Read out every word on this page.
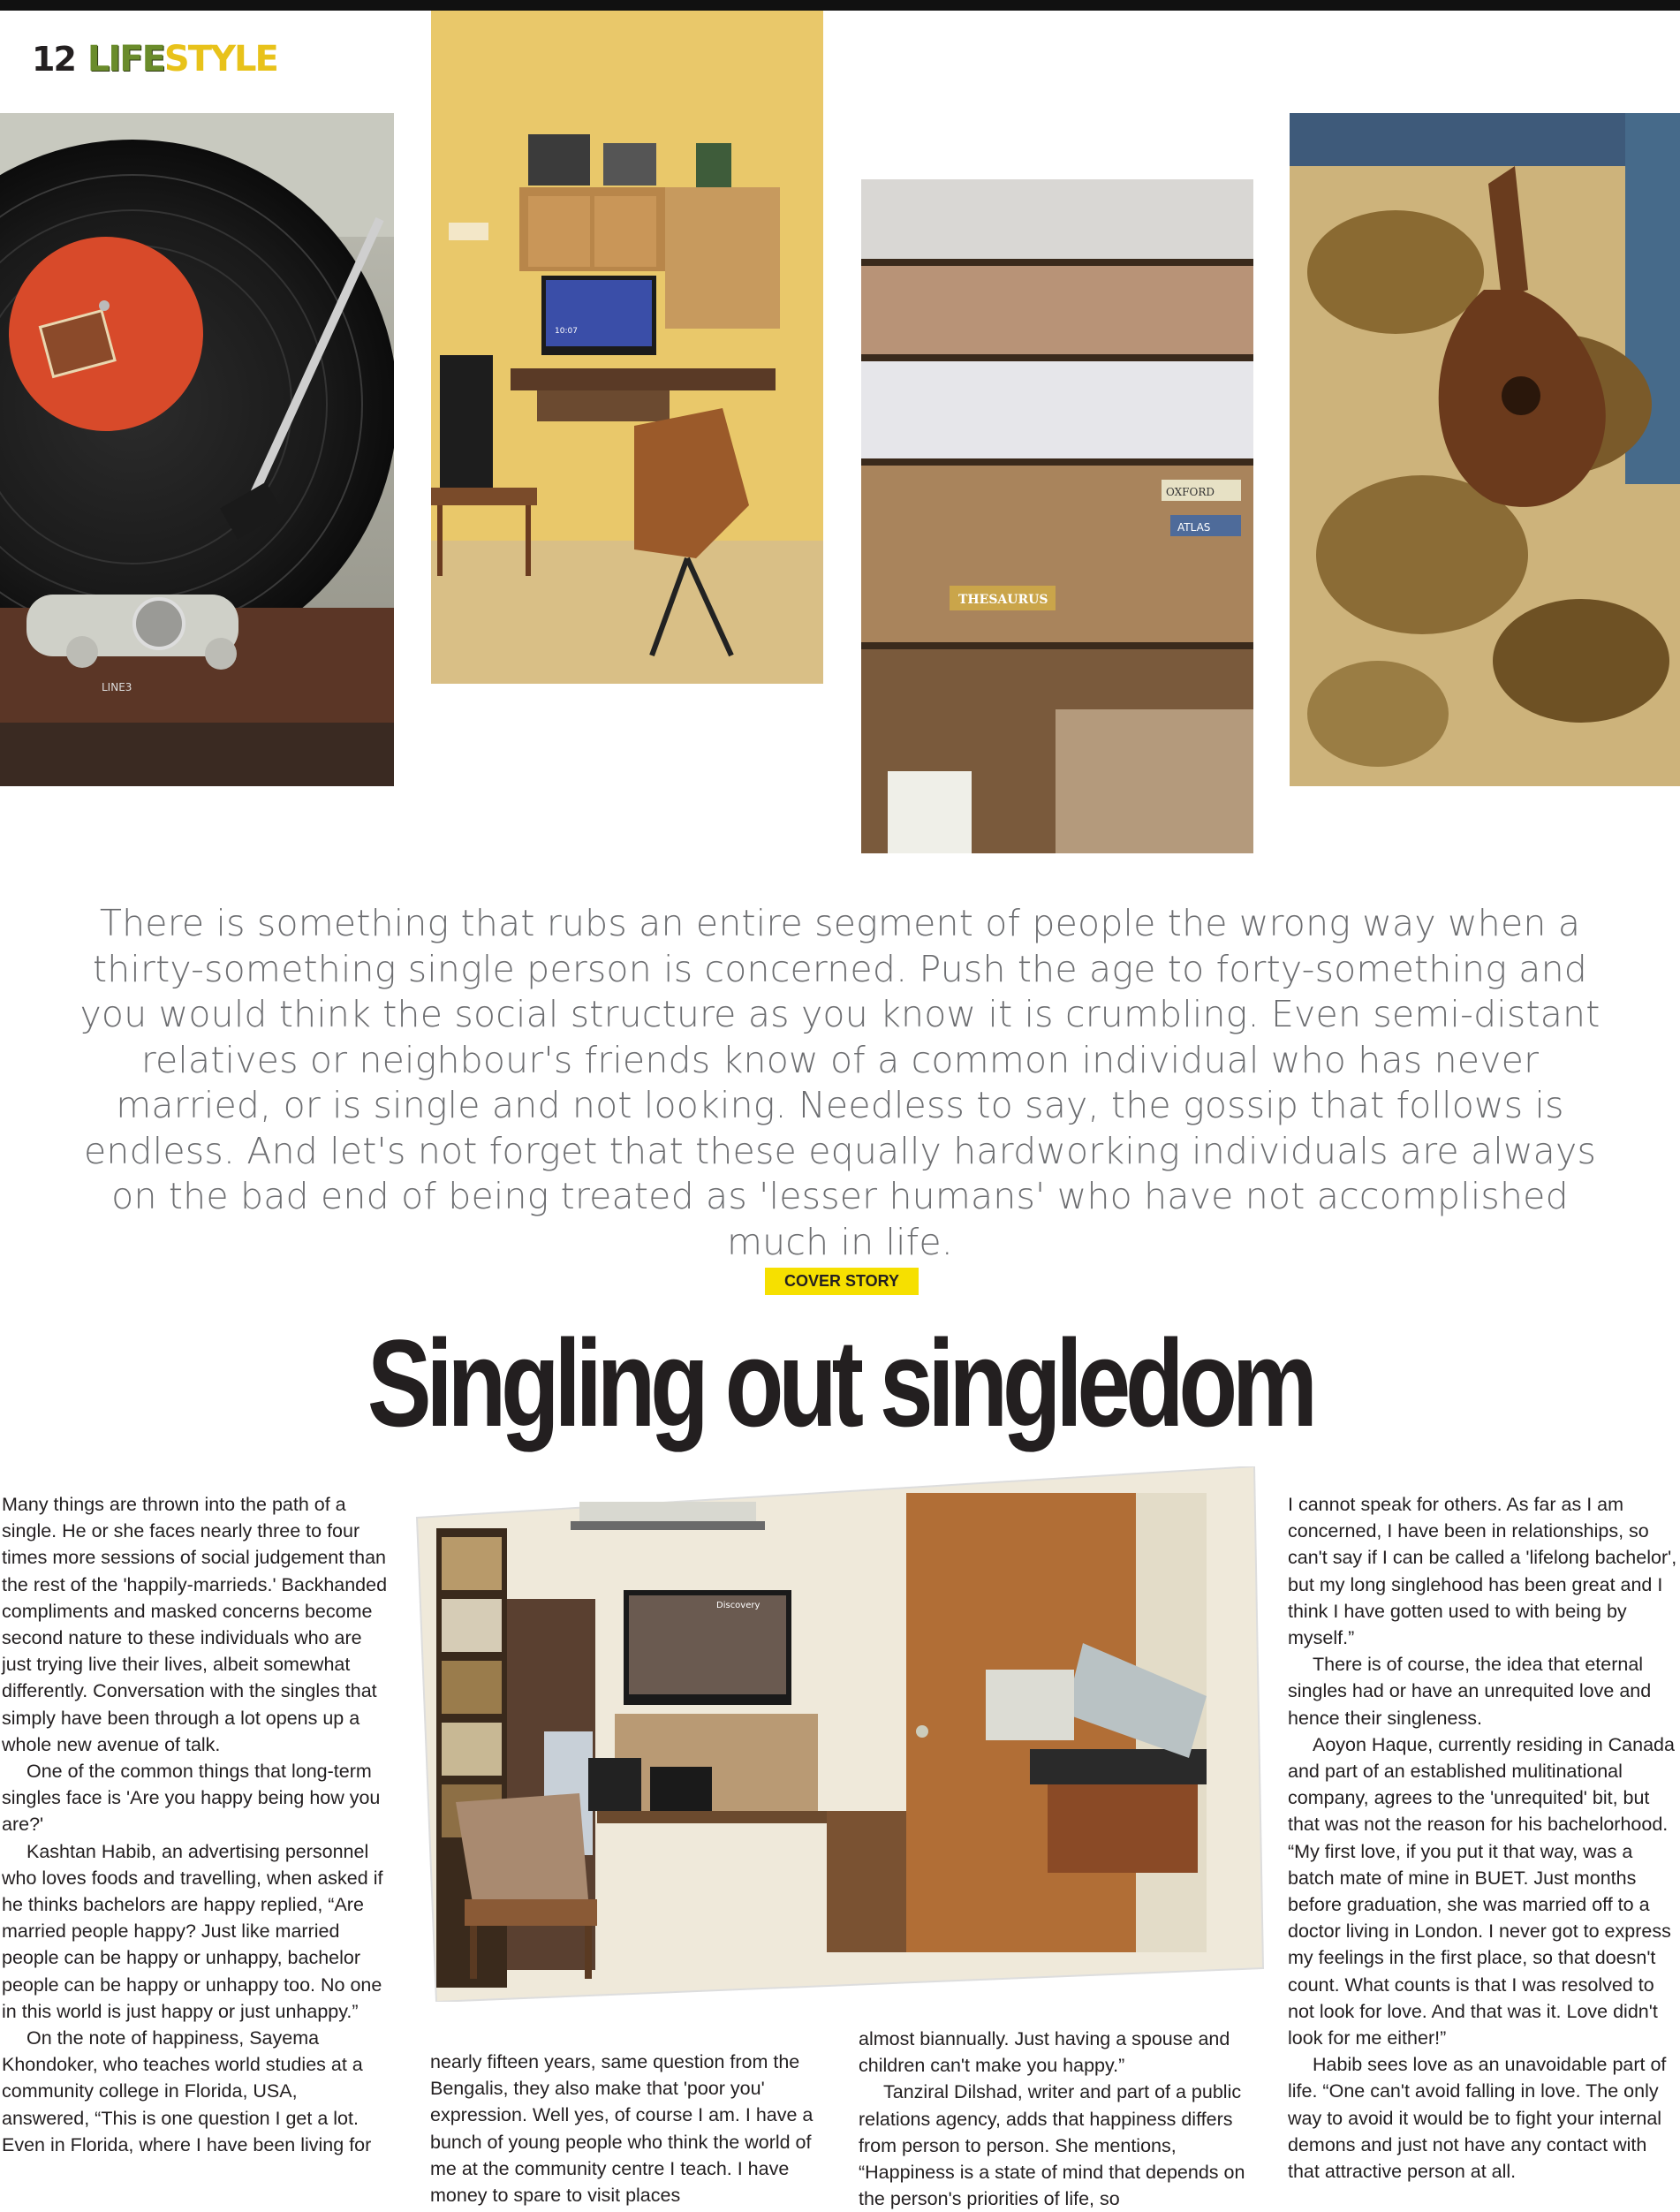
12 LIFESTYLE
LINE3
10:07
THESAURUS
OXFORD
ATLAS
There is something that rubs an entire segment of people the wrong way when a thirty-something single person is concerned. Push the age to forty-something and you would think the social structure as you know it is crumbling. Even semi-distant relatives or neighbour's friends know of a common individual who has never married, or is single and not looking. Needless to say, the gossip that follows is endless. And let's not forget that these equally hardworking individuals are always on the bad end of being treated as 'lesser humans' who have not accomplished much in life.
COVER STORY
Singling out singledom
Discovery

Many things are thrown into the path of a single. He or she faces nearly three to four times more sessions of social judgement than the rest of the 'happily-marrieds.' Backhanded compliments and masked concerns become second nature to these individuals who are just trying live their lives, albeit somewhat differently. Conversation with the singles that simply have been through a lot opens up a whole new avenue of talk.

One of the common things that long-term singles face is 'Are you happy being how you are?'

Kashtan Habib, an advertising personnel who loves foods and travelling, when asked if he thinks bachelors are happy replied, “Are married people happy? Just like married people can be happy or unhappy, bachelor people can be happy or unhappy too. No one in this world is just happy or just unhappy.”

On the note of happiness, Sayema Khondoker, who teaches world studies at a community college in Florida, USA, answered, “This is one question I get a lot. Even in Florida, where I have been living for

nearly fifteen years, same question from the Bengalis, they also make that 'poor you' expression. Well yes, of course I am. I have a bunch of young people who think the world of me at the community centre I teach. I have money to spare to visit places

almost biannually. Just having a spouse and children can't make you happy.”

Tanziral Dilshad, writer and part of a public relations agency, adds that happiness differs from person to person. She mentions, “Happiness is a state of mind that depends on the person's priorities of life, so

I cannot speak for others. As far as I am concerned, I have been in relationships, so can't say if I can be called a 'lifelong bachelor', but my long singlehood has been great and I think I have gotten used to with being by myself.”

There is of course, the idea that eternal singles had or have an unrequited love and hence their singleness.

Aoyon Haque, currently residing in Canada and part of an established mulitinational company, agrees to the 'unrequited' bit, but that was not the reason for his bachelorhood. “My first love, if you put it that way, was a batch mate of mine in BUET. Just months before graduation, she was married off to a doctor living in London. I never got to express my feelings in the first place, so that doesn't count. What counts is that I was resolved to not look for love. And that was it. Love didn't look for me either!”

Habib sees love as an unavoidable part of life. “One can't avoid falling in love. The only way to avoid it would be to fight your internal demons and just not have any contact with that attractive person at all.
